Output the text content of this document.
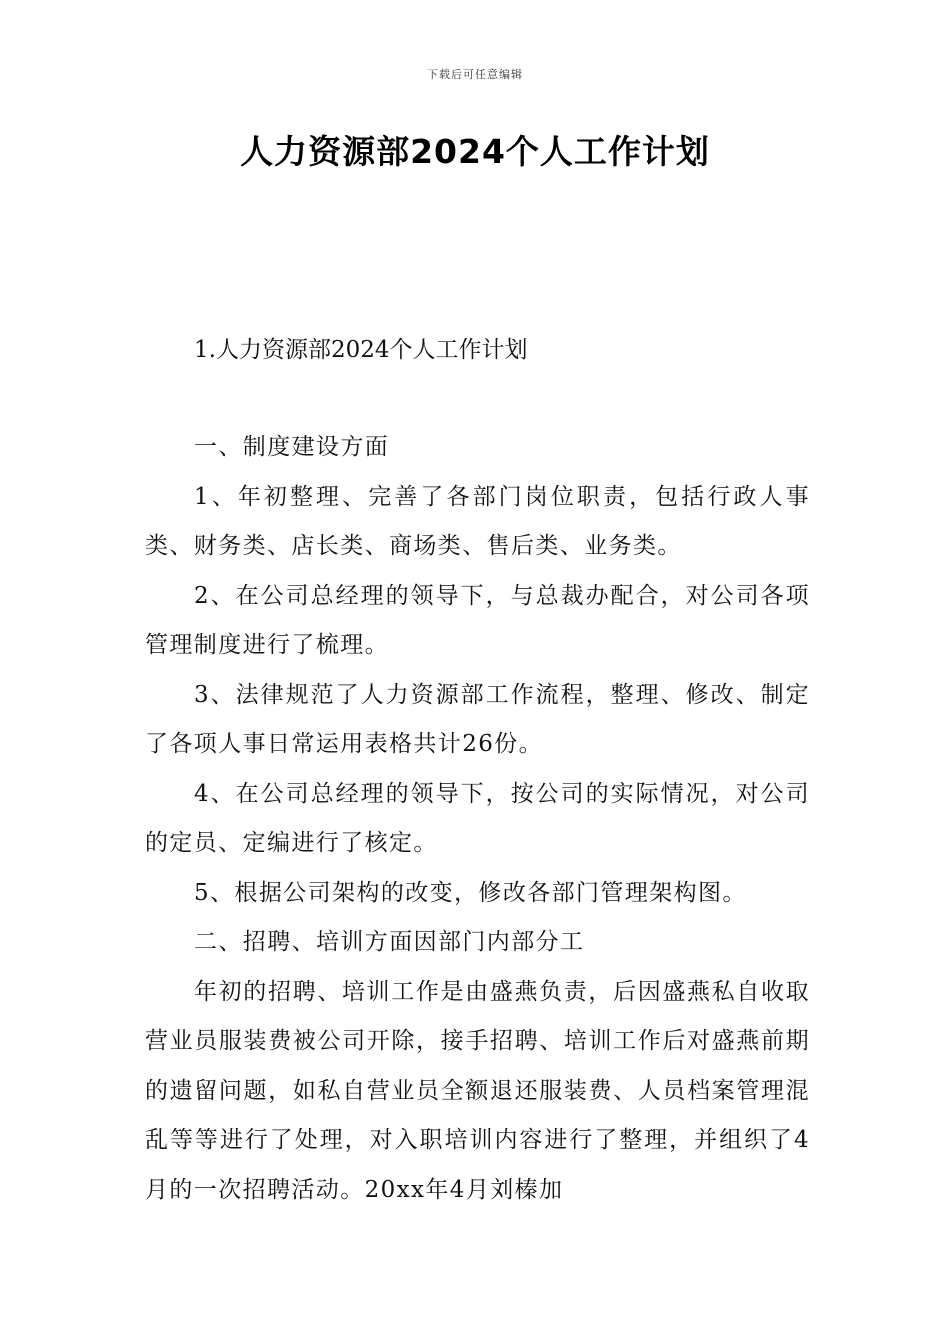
下载后可任意编辑
人力资源部2024个人工作计划
1.人力资源部2024个人工作计划

一、制度建设方面

1、年初整理、完善了各部门岗位职责，包括行政人事类、财务类、店长类、商场类、售后类、业务类。

2、在公司总经理的领导下，与总裁办配合，对公司各项管理制度进行了梳理。

3、法律规范了人力资源部工作流程，整理、修改、制定了各项人事日常运用表格共计26份。

4、在公司总经理的领导下，按公司的实际情况，对公司的定员、定编进行了核定。

5、根据公司架构的改变，修改各部门管理架构图。

二、招聘、培训方面因部门内部分工

年初的招聘、培训工作是由盛燕负责，后因盛燕私自收取营业员服装费被公司开除，接手招聘、培训工作后对盛燕前期的遗留问题，如私自营业员全额退还服装费、人员档案管理混乱等等进行了处理，对入职培训内容进行了整理，并组织了4月的一次招聘活动。20xx年4月刘榛加
